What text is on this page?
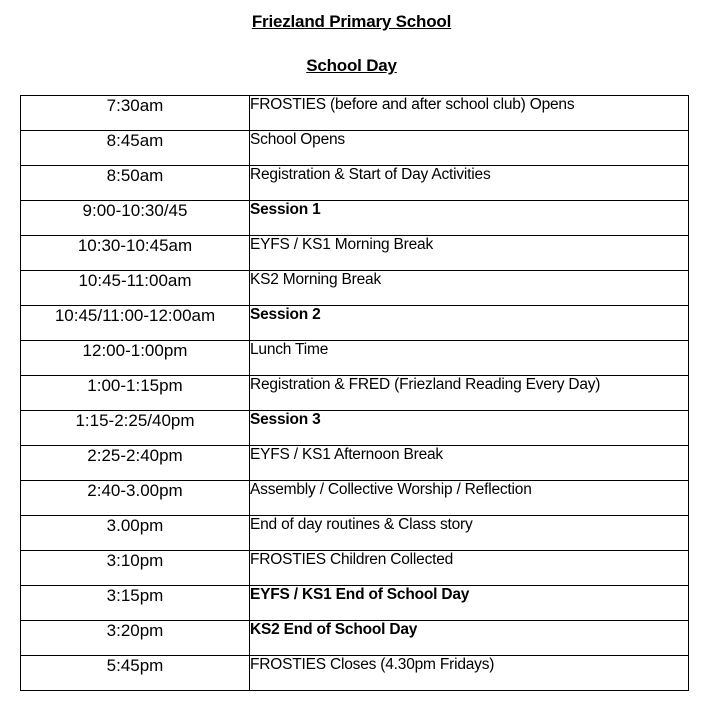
Friezland Primary School
School Day
7:30am	FROSTIES (before and after school club) Opens
8:45am	School Opens
8:50am	Registration & Start of Day Activities
9:00-10:30/45	Session 1
10:30-10:45am	EYFS / KS1 Morning Break
10:45-11:00am	KS2 Morning Break
10:45/11:00-12:00am	Session 2
12:00-1:00pm	Lunch Time
1:00-1:15pm	Registration & FRED (Friezland Reading Every Day)
1:15-2:25/40pm	Session 3
2:25-2:40pm	EYFS / KS1 Afternoon Break
2:40-3.00pm	Assembly / Collective Worship / Reflection
3.00pm	End of day routines & Class story
3:10pm	FROSTIES Children Collected
3:15pm	EYFS / KS1 End of School Day
3:20pm	KS2 End of School Day
5:45pm	FROSTIES Closes (4.30pm Fridays)
